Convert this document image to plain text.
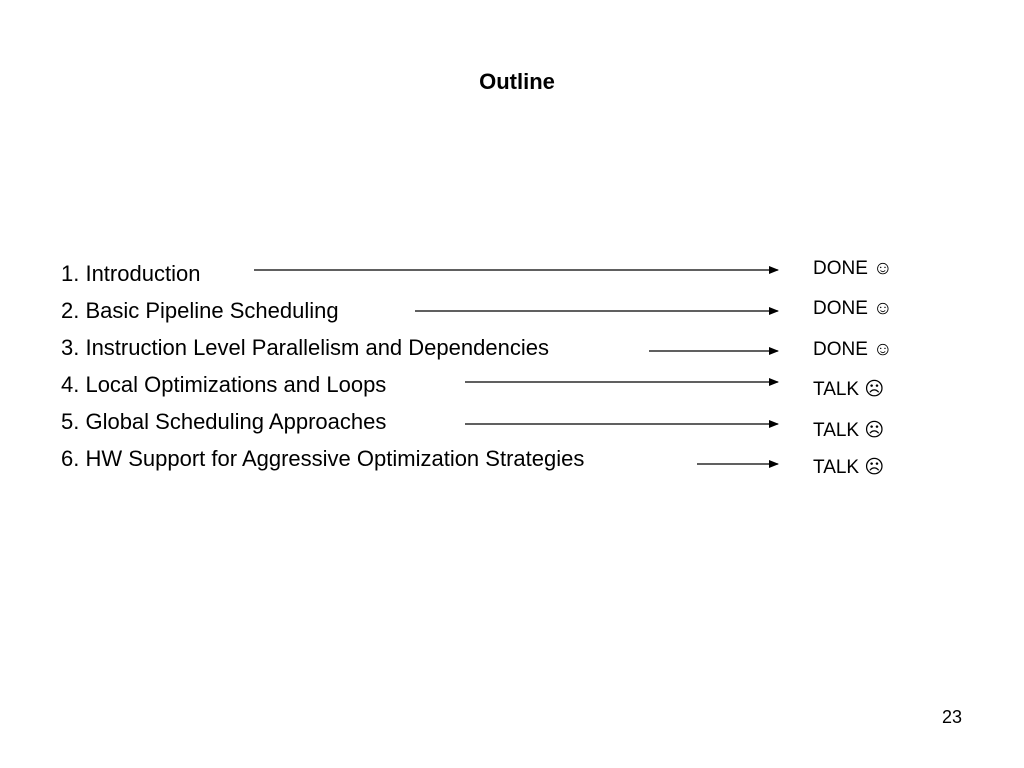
Outline
1. Introduction
2. Basic Pipeline Scheduling
3. Instruction Level Parallelism and Dependencies
4. Local Optimizations and Loops
5. Global Scheduling Approaches
6. HW Support for Aggressive Optimization Strategies
DONE ☺
DONE ☺
DONE ☺
TALK ☹
TALK ☹
TALK ☹
23
